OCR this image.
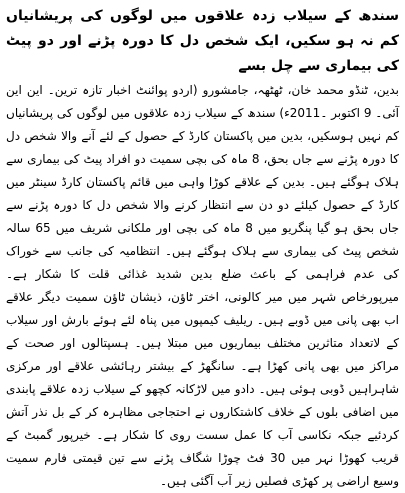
سندھ کے سیلاب زدہ علاقوں میں لوگوں کی پریشانیاں کم نہ ہو سکیں، ایک شخص دل کا دورہ پڑنے اور دو پیٹ کی بیماری سے چل بسے

بدین، ٹنڈو محمد خان، ٹھٹھہ، جامشورو (اردو پوائنٹ اخبار تازہ ترین۔ این این آئی۔ 9 اکتوبر ۔2011ء) سندھ کے سیلاب زدہ علاقوں میں لوگوں کی پریشانیاں کم نہیں ہوسکیں، بدین میں پاکستان کارڈ کے حصول کے لئے آنے والا شخص دل کا دورہ پڑنے سے جاں بحق، 8 ماہ کی بچی سمیت دو افراد پیٹ کی بیماری سے ہلاک ہوگئے ہیں۔ بدین کے علاقے کوڑا واہی میں قائم پاکستان کارڈ سینٹر میں کارڈ کے حصول کیلئے دو دن سے انتظار کرنے والا شخص دل کا دورہ پڑنے سے جاں بحق ہو گیا پنگریو میں 8 ماہ کی بچی اور ملکانی شریف میں 65 سالہ شخص پیٹ کی بیماری سے ہلاک ہوگئے ہیں۔ انتظامیہ کی جانب سے خوراک کی عدم فراہمی کے باعث ضلع بدین شدید غذائی قلت کا شکار ہے۔ میرپورخاص شہر میں میر کالونی، اختر ٹاؤن، ذیشان ٹاؤن سمیت دیگر علاقے اب بھی پانی میں ڈوبے ہیں۔ ریلیف کیمپوں میں پناہ لئے ہوئے بارش اور سیلاب کے لاتعداد متاثرین مختلف بیماریوں میں مبتلا ہیں۔ ہسپتالوں اور صحت کے مراکز میں بھی پانی کھڑا ہے۔ سانگھڑ کے بیشتر رہائشی علاقے اور مرکزی شاہراہیں ڈوبی ہوئی ہیں۔ دادو میں لاڑکانہ کچھو کے سیلاب زدہ علاقے پابندی میں اضافی بلوں کے خلاف کاشتکاروں نے احتجاجی مظاہرہ کر کے بل نذر آتش کردئیے جبکہ نکاسی آب کا عمل سست روی کا شکار ہے۔ خیرپور گمبٹ کے قریب کھوڑا نہر میں 30 فٹ چوڑا شگاف پڑنے سے تین قیمتی فارم سمیت وسیع اراضی پر کھڑی فصلیں زیر آب آگئی ہیں۔
